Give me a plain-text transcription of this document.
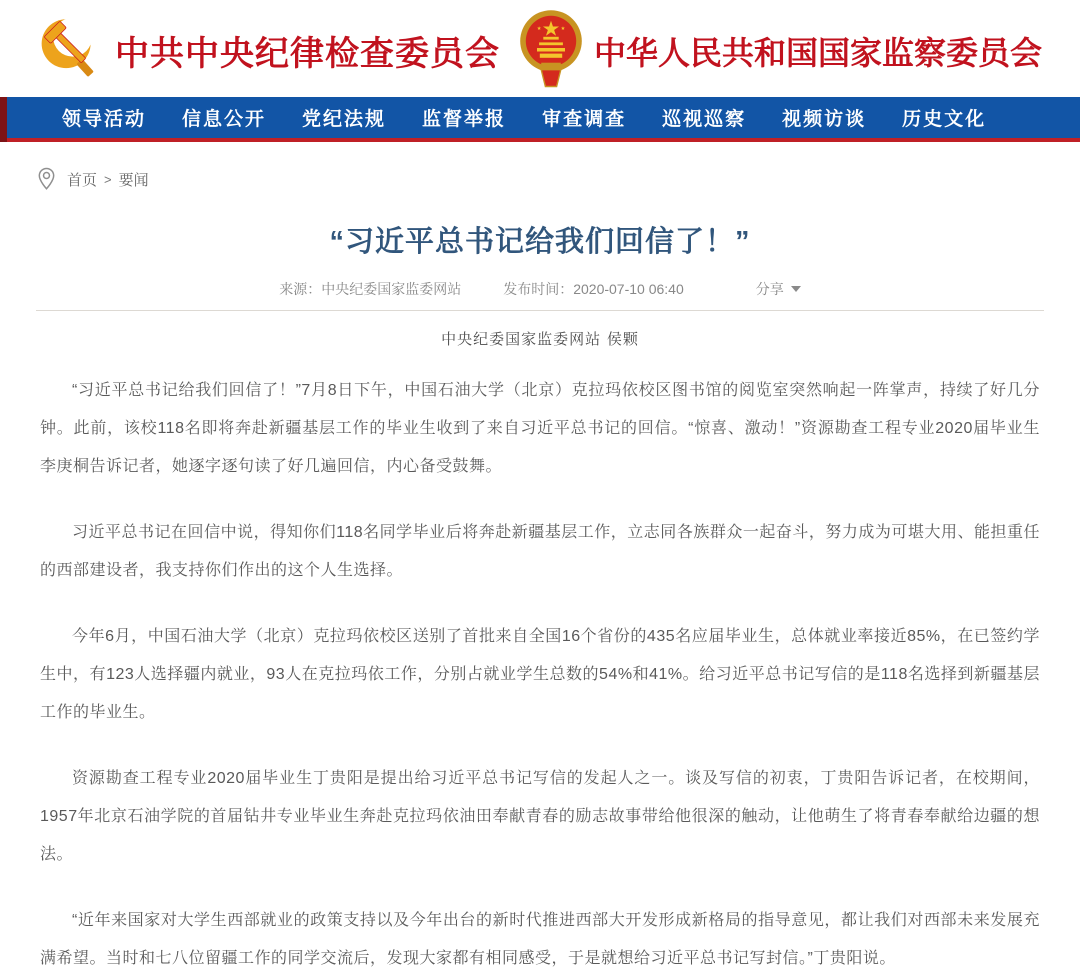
中共中央纪律检查委员会	中华人民共和国国家监察委员会
领导活动 信息公开 党纪法规 监督举报 审查调查 巡视巡察 视频访谈 历史文化
首页 > 要闻
“习近平总书记给我们回信了！”
来源：中央纪委国家监委网站	发布时间：2020-07-10 06:40	分享
中央纪委国家监委网站 侯颗

“习近平总书记给我们回信了！”7月8日下午，中国石油大学（北京）克拉玛依校区图书馆的阅览室突然响起一阵掌声，持续了好几分钟。此前，该校118名即将奔赴新疆基层工作的毕业生收到了来自习近平总书记的回信。“惊喜、激动！”资源勘查工程专业2020届毕业生李庚桐告诉记者，她逐字逐句读了好几遍回信，内心备受鼓舞。

习近平总书记在回信中说，得知你们118名同学毕业后将奔赴新疆基层工作，立志同各族群众一起奋斗，努力成为可堪大用、能担重任的西部建设者，我支持你们作出的这个人生选择。

今年6月，中国石油大学（北京）克拉玛依校区送别了首批来自全国16个省份的435名应届毕业生，总体就业率接近85%，在已签约学生中，有123人选择疆内就业，93人在克拉玛依工作，分别占就业学生总数的54%和41%。给习近平总书记写信的是118名选择到新疆基层工作的毕业生。

资源勘查工程专业2020届毕业生丁贵阳是提出给习近平总书记写信的发起人之一。谈及写信的初衷，丁贵阳告诉记者，在校期间，1957年北京石油学院的首届钻井专业毕业生奔赴克拉玛依油田奉献青春的励志故事带给他很深的触动，让他萌生了将青春奉献给边疆的想法。

“近年来国家对大学生西部就业的政策支持以及今年出台的新时代推进西部大开发形成新格局的指导意见，都让我们对西部未来发展充满希望。当时和七八位留疆工作的同学交流后，发现大家都有相同感受，于是就想给习近平总书记写封信。”丁贵阳说。
